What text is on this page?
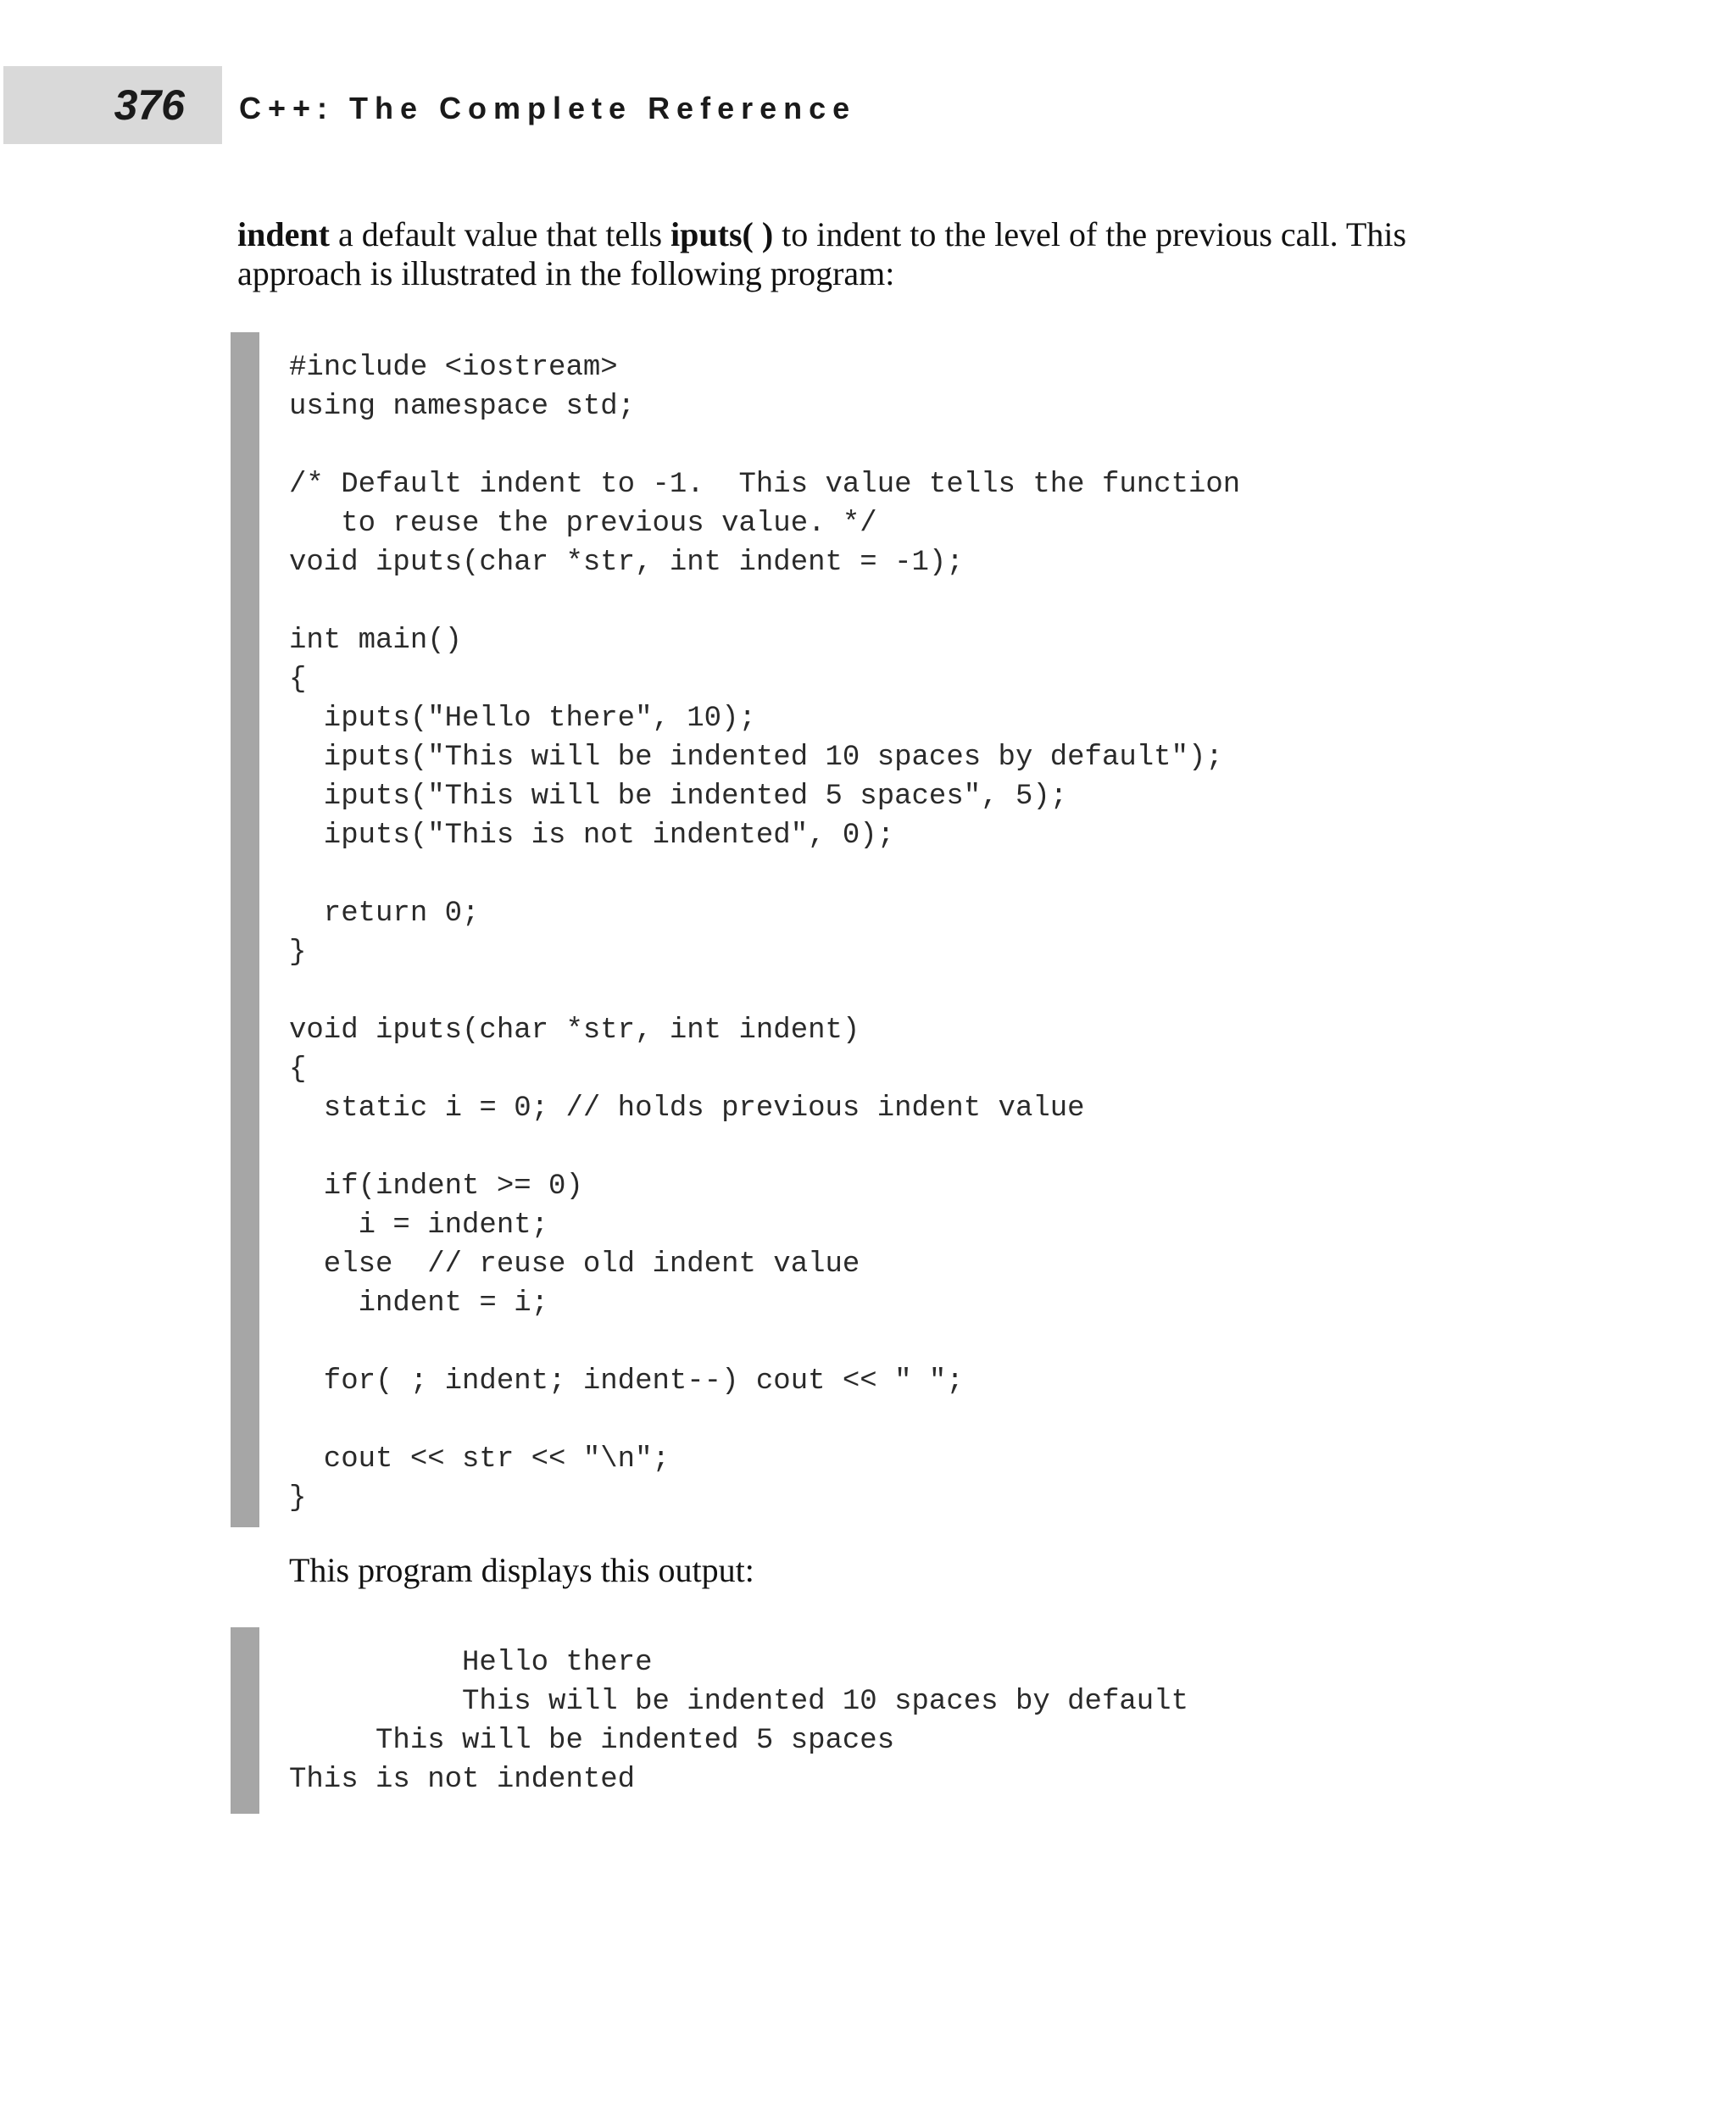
376 C++: The Complete Reference

indent a default value that tells iputs( ) to indent to the level of the previous call. This approach is illustrated in the following program:

#include <iostream>
using namespace std;
/* Default indent to -1.  This value tells the function
to reuse the previous value. */
void iputs(char *str, int indent = -1);
int main()
{
iputs("Hello there", 10);
iputs("This will be indented 10 spaces by default");
iputs("This will be indented 5 spaces", 5);
iputs("This is not indented", 0);
return 0;
}
void iputs(char *str, int indent)
{
static i = 0; // holds previous indent value
if(indent >= 0)
i = indent;
else  // reuse old indent value
indent = i;
for( ; indent; indent--) cout << " ";
cout << str << "\n";
}
This program displays this output:
Hello there
This will be indented 10 spaces by default
This will be indented 5 spaces
This is not indented
